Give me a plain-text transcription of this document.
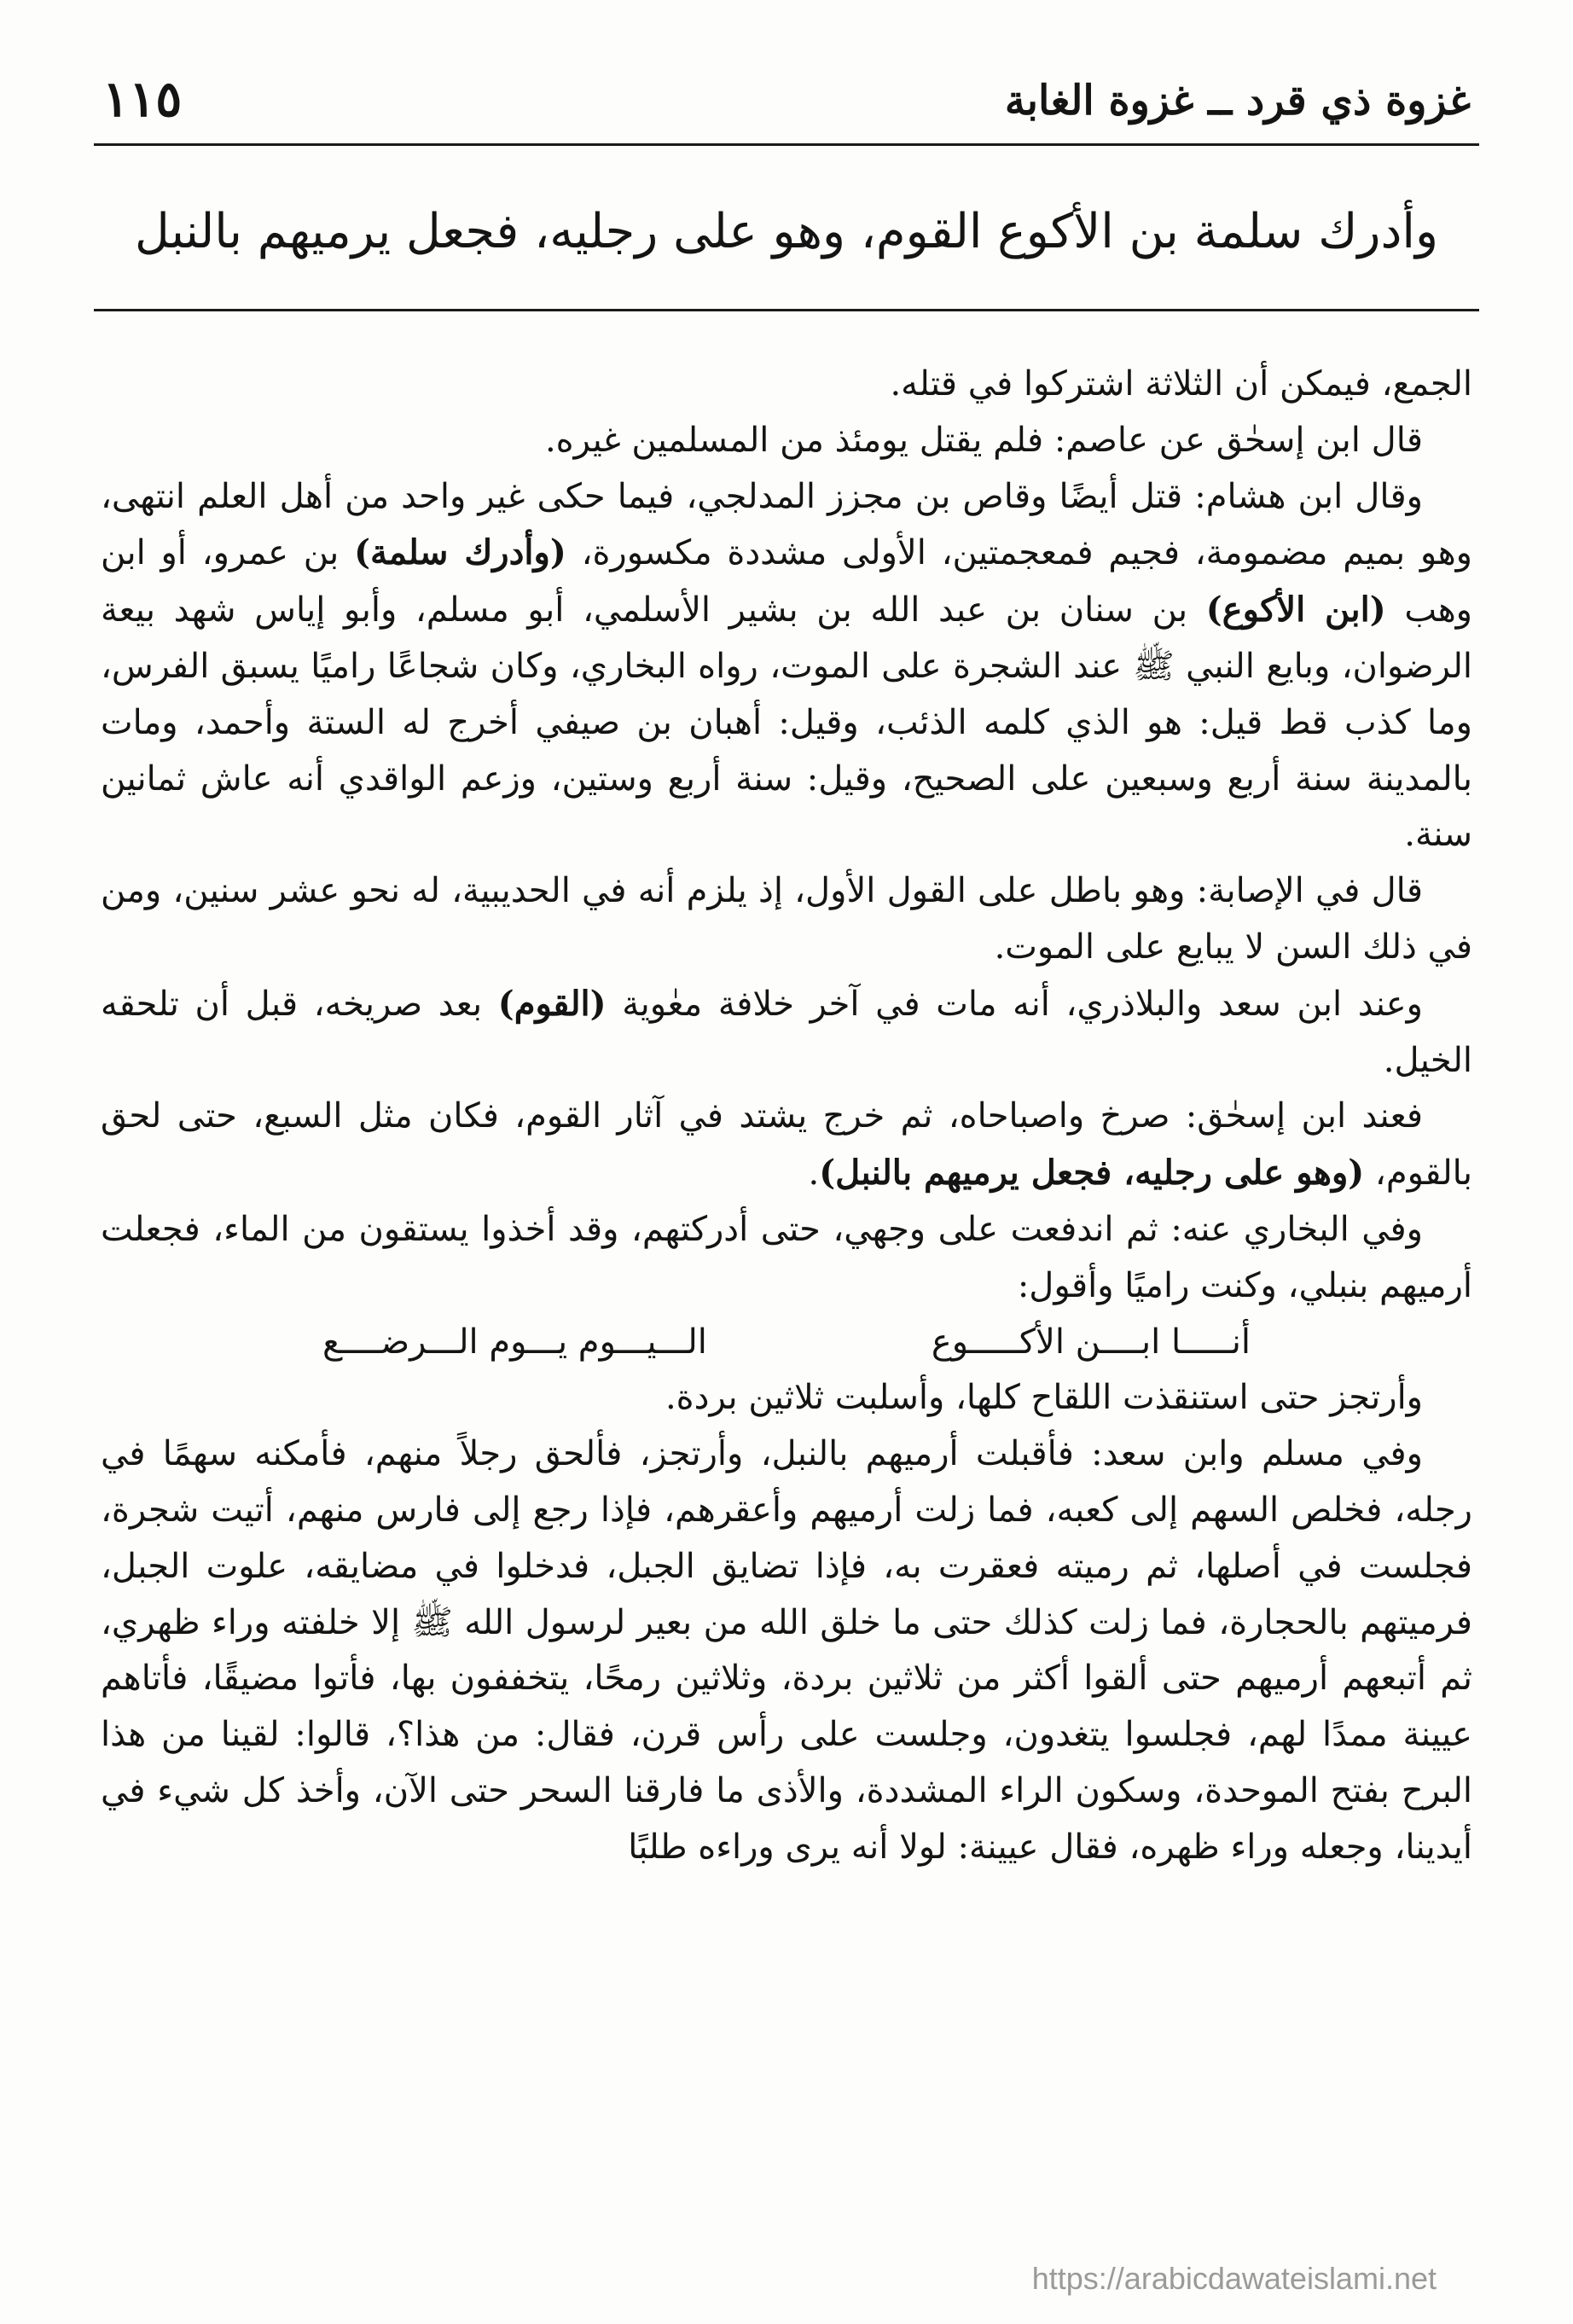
غزوة ذي قرد ــ غزوة الغابة
١١٥
وأدرك سلمة بن الأكوع القوم، وهو على رجليه، فجعل يرميهم بالنبل

الجمع، فيمكن أن الثلاثة اشتركوا في قتله.

قال ابن إسحٰق عن عاصم: فلم يقتل يومئذ من المسلمين غيره.

وقال ابن هشام: قتل أيضًا وقاص بن مجزز المدلجي، فيما حكى غير واحد من أهل العلم انتهى، وهو بميم مضمومة، فجيم فمعجمتين، الأولى مشددة مكسورة، (وأدرك سلمة) بن عمرو، أو ابن وهب (ابن الأكوع) بن سنان بن عبد الله بن بشير الأسلمي، أبو مسلم، وأبو إياس شهد بيعة الرضوان، وبايع النبي ﷺ عند الشجرة على الموت، رواه البخاري، وكان شجاعًا راميًا يسبق الفرس، وما كذب قط قيل: هو الذي كلمه الذئب، وقيل: أهبان بن صيفي أخرج له الستة وأحمد، ومات بالمدينة سنة أربع وسبعين على الصحيح، وقيل: سنة أربع وستين، وزعم الواقدي أنه عاش ثمانين سنة.

قال في الإصابة: وهو باطل على القول الأول، إذ يلزم أنه في الحديبية، له نحو عشر سنين، ومن في ذلك السن لا يبايع على الموت.

وعند ابن سعد والبلاذري، أنه مات في آخر خلافة معٰوية (القوم) بعد صريخه، قبل أن تلحقه الخيل.

فعند ابن إسحٰق: صرخ واصباحاه، ثم خرج يشتد في آثار القوم، فكان مثل السبع، حتى لحق بالقوم، (وهو على رجليه، فجعل يرميهم بالنبل).

وفي البخاري عنه: ثم اندفعت على وجهي، حتى أدركتهم، وقد أخذوا يستقون من الماء، فجعلت أرميهم بنبلي، وكنت راميًا وأقول:

أنـــــا ابــــن الأكـــــوع
الـــيـــوم يـــوم الـــرضــــع

وأرتجز حتى استنقذت اللقاح كلها، وأسلبت ثلاثين بردة.

وفي مسلم وابن سعد: فأقبلت أرميهم بالنبل، وأرتجز، فألحق رجلاً منهم، فأمكنه سهمًا في رجله، فخلص السهم إلى كعبه، فما زلت أرميهم وأعقرهم، فإذا رجع إلى فارس منهم، أتيت شجرة، فجلست في أصلها، ثم رميته فعقرت به، فإذا تضايق الجبل، فدخلوا في مضايقه، علوت الجبل، فرميتهم بالحجارة، فما زلت كذلك حتى ما خلق الله من بعير لرسول الله ﷺ إلا خلفته وراء ظهري، ثم أتبعهم أرميهم حتى ألقوا أكثر من ثلاثين بردة، وثلاثين رمحًا، يتخففون بها، فأتوا مضيقًا، فأتاهم عيينة ممدًا لهم، فجلسوا يتغدون، وجلست على رأس قرن، فقال: من هذا؟، قالوا: لقينا من هذا البرح بفتح الموحدة، وسكون الراء المشددة، والأذى ما فارقنا السحر حتى الآن، وأخذ كل شيء في أيدينا، وجعله وراء ظهره، فقال عيينة: لولا أنه يرى وراءه طلبًا

https://arabicdawateislami.net
